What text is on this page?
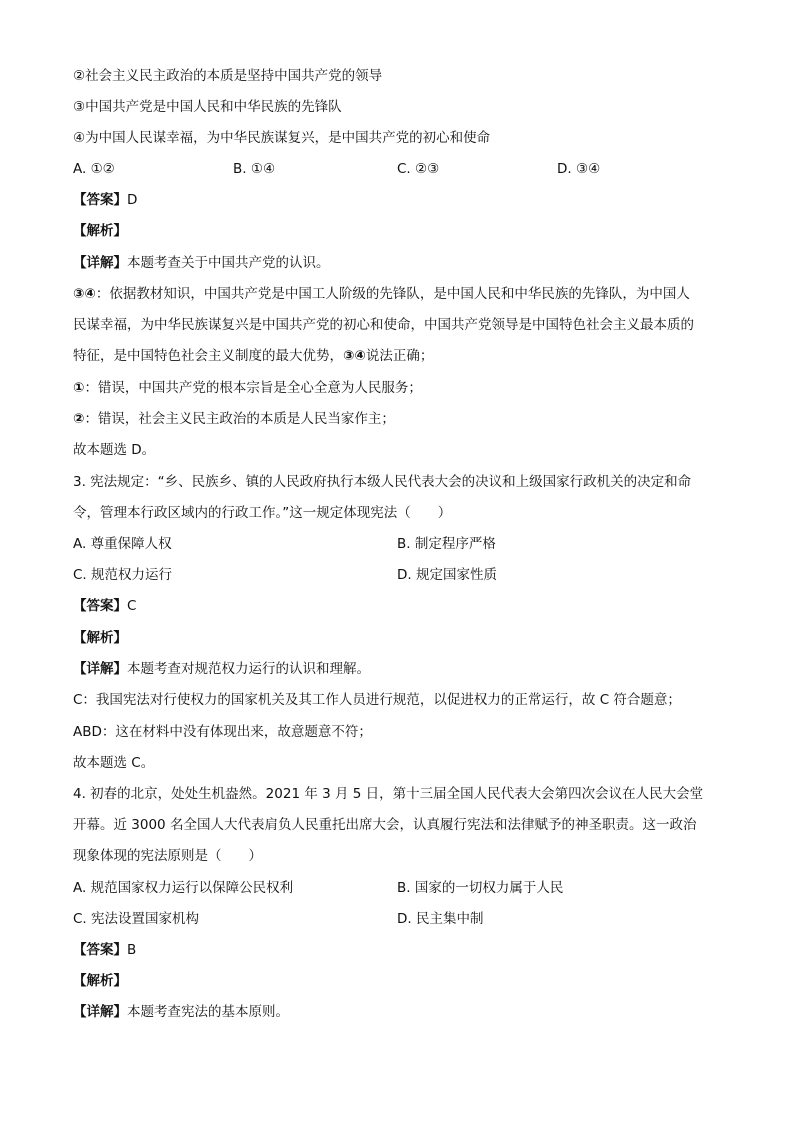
②社会主义民主政治的本质是坚持中国共产党的领导
③中国共产党是中国人民和中华民族的先锋队
④为中国人民谋幸福，为中华民族谋复兴，是中国共产党的初心和使命
A. ①②	B. ①④	C. ②③	D. ③④
【答案】D
【解析】
【详解】本题考查关于中国共产党的认识。
③④：依据教材知识，中国共产党是中国工人阶级的先锋队，是中国人民和中华民族的先锋队，为中国人
民谋幸福，为中华民族谋复兴是中国共产党的初心和使命，中国共产党领导是中国特色社会主义最本质的
特征，是中国特色社会主义制度的最大优势，③④说法正确；
①：错误，中国共产党的根本宗旨是全心全意为人民服务；
②：错误，社会主义民主政治的本质是人民当家作主；
故本题选 D。
3. 宪法规定：“乡、民族乡、镇的人民政府执行本级人民代表大会的决议和上级国家行政机关的决定和命
令，管理本行政区域内的行政工作。”这一规定体现宪法（　　）
A. 尊重保障人权	B. 制定程序严格
C. 规范权力运行	D. 规定国家性质
【答案】C
【解析】
【详解】本题考查对规范权力运行的认识和理解。
C：我国宪法对行使权力的国家机关及其工作人员进行规范，以促进权力的正常运行，故 C 符合题意；
ABD：这在材料中没有体现出来，故意题意不符；
故本题选 C。
4. 初春的北京，处处生机盎然。2021 年 3 月 5 日，第十三届全国人民代表大会第四次会议在人民大会堂
开幕。近 3000 名全国人大代表肩负人民重托出席大会，认真履行宪法和法律赋予的神圣职责。这一政治
现象体现的宪法原则是（　　）
A. 规范国家权力运行以保障公民权利	B. 国家的一切权力属于人民
C. 宪法设置国家机构	D. 民主集中制
【答案】B
【解析】
【详解】本题考查宪法的基本原则。
